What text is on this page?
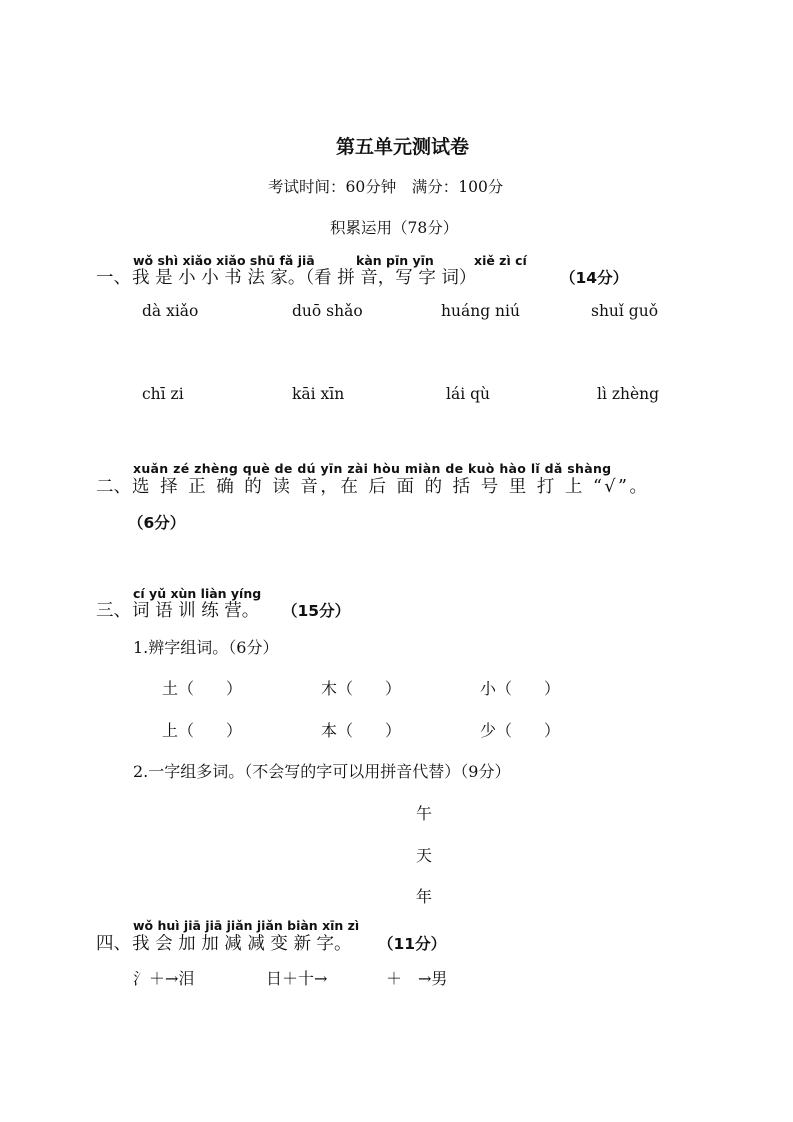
第五单元测试卷
考试时间：60分钟　满分：100分
积累运用（78分）
wǒ shì xiǎo xiǎo shū fǎ jiā	kàn pīn yīn	xiě zì cí
一、 我 是 小 小 书 法 家。（看 拼 音，写 字 词）	（14分）
dà xiǎo	duō shǎo	huáng niú	shuǐ guǒ
chī zi	kāi xīn	lái qù	lì zhèng
xuǎn zé zhèng què de dú yīn zài hòu miàn de kuò hào lǐ dǎ shàng
二、 选 择 正 确 的 读 音，在 后 面 的 括 号 里 打 上 “√”。
（6分）
cí yǔ xùn liàn yíng
三、 词 语 训 练 营。 （15分）
1.辨字组词。（6分）
土（　　）	木（　　）	小（　　）
上（　　）	本（　　）	少（　　）
2.一字组多词。（不会写的字可以用拼音代替）（9分）
午
天
年
wǒ huì jiā jiā jiǎn jiǎn biàn xīn zì
四、 我 会 加 加 减 减 变 新 字。 （11分）
氵＋→泪	日＋十→	＋　→男
